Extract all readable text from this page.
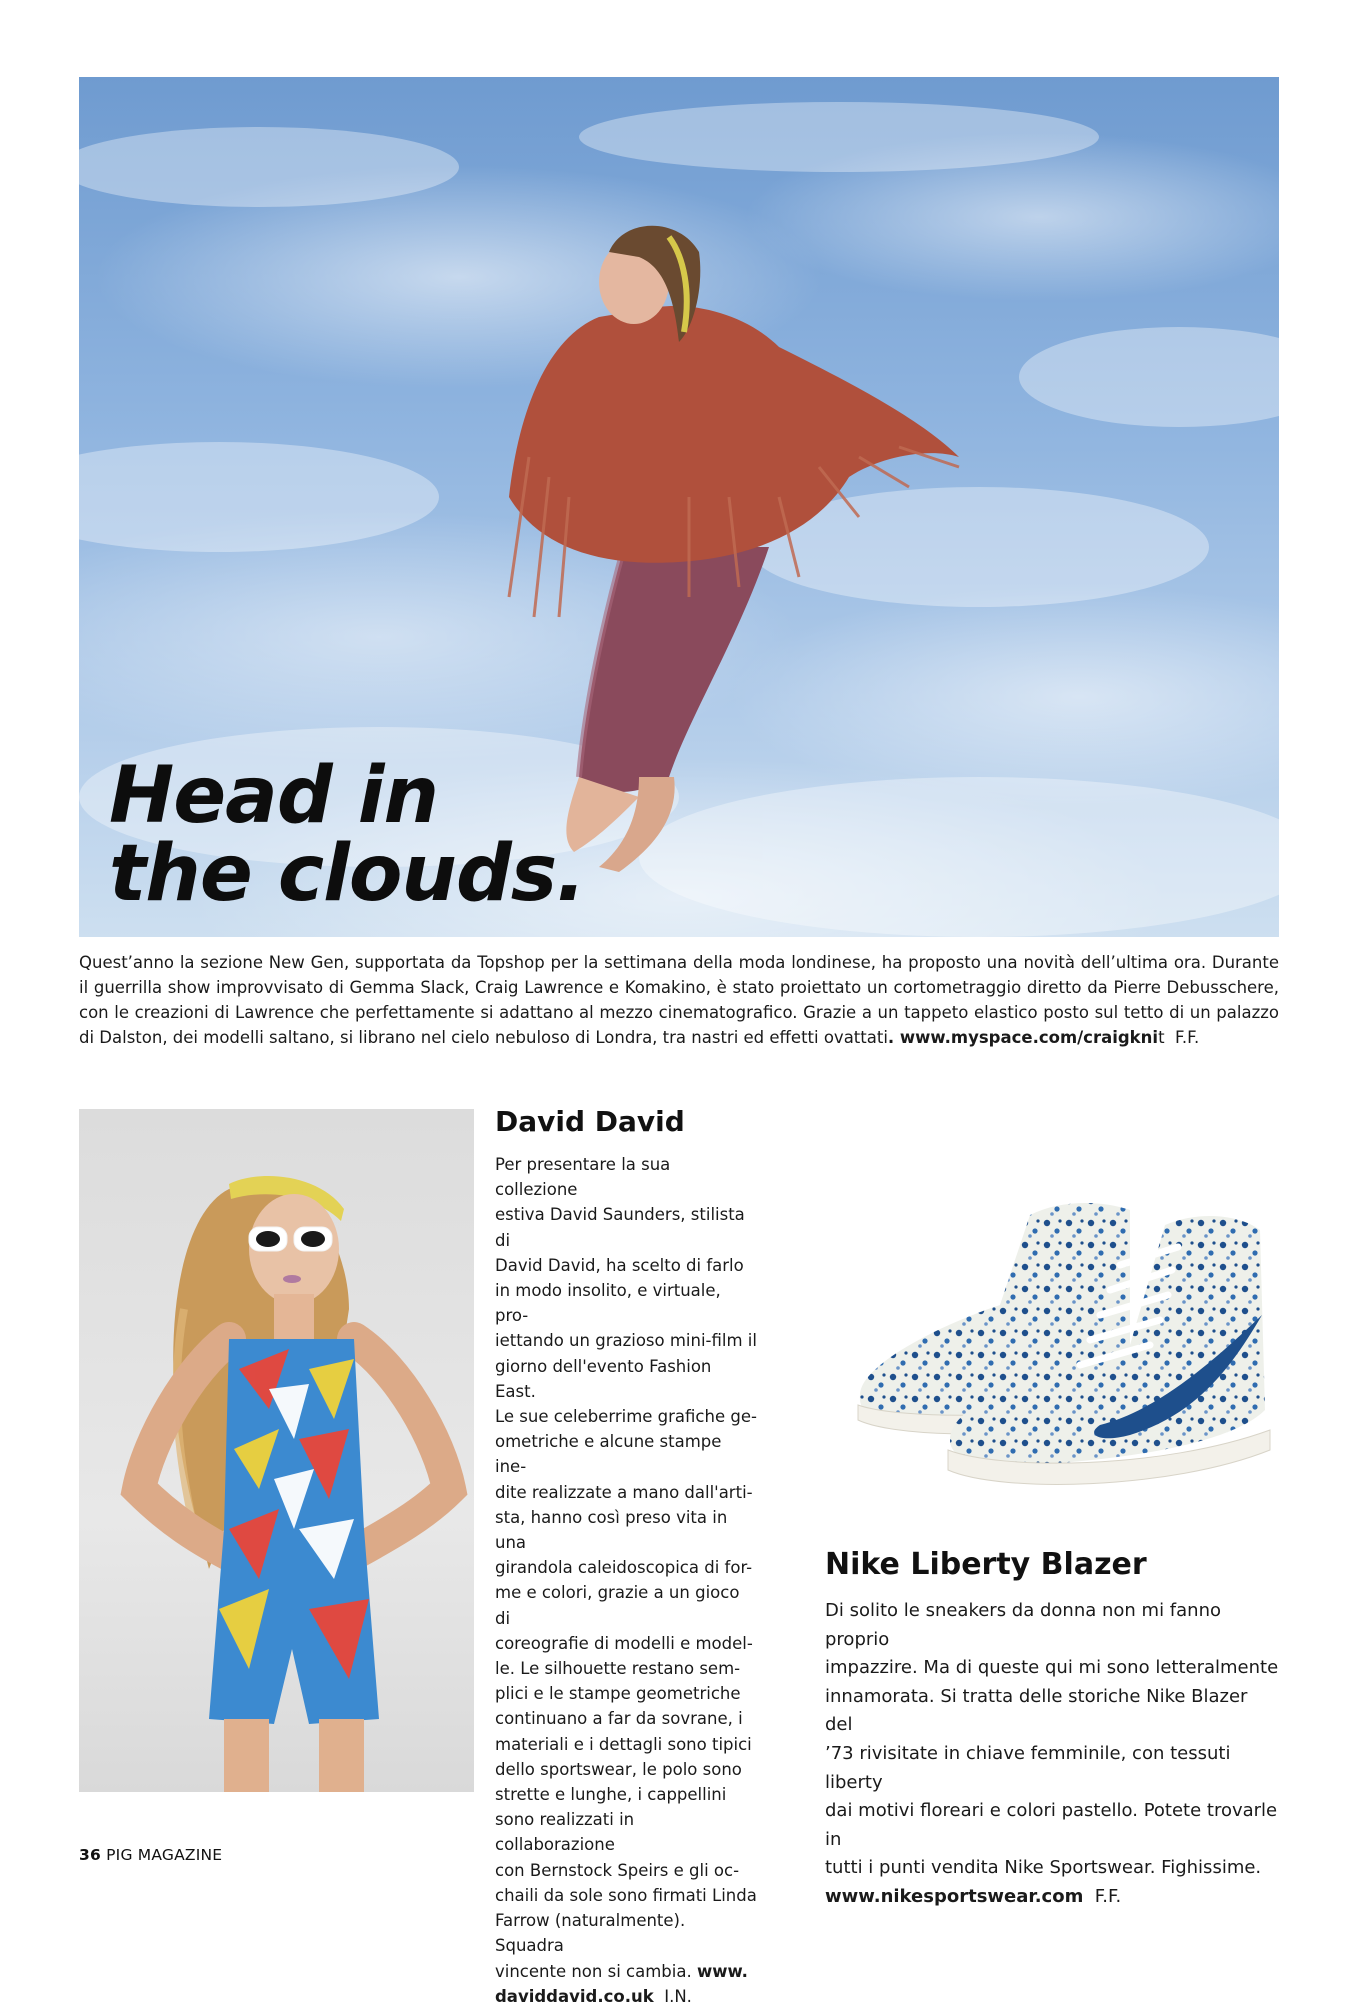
Head in
the clouds.
Quest’anno la sezione New Gen, supportata da Topshop per la settimana della moda londinese, ha proposto una novità dell’ultima ora. Durante il guerrilla show improvvisato di Gemma Slack, Craig Lawrence e Komakino, è stato proiettato un cortometraggio diretto da Pierre Debusschere, con le creazioni di Lawrence che perfettamente si adattano al mezzo cinematografico. Grazie a un tappeto elastico posto sul tetto di un palazzo di Dalston, dei modelli saltano, si librano nel cielo nebuloso di Londra, tra nastri ed effetti ovattati. www.myspace.com/craigknit F.F.
David David
Per presentare la sua collezione
estiva David Saunders, stilista di
David David, ha scelto di farlo
in modo insolito, e virtuale, pro-
iettando un grazioso mini-film il
giorno dell'evento Fashion East.
Le sue celeberrime grafiche ge-
ometriche e alcune stampe ine-
dite realizzate a mano dall'arti-
sta, hanno così preso vita in una
girandola caleidoscopica di for-
me e colori, grazie a un gioco di
coreografie di modelli e model-
le. Le silhouette restano sem-
plici e le stampe geometriche
continuano a far da sovrane, i
materiali e i dettagli sono tipici
dello sportswear, le polo sono
strette e lunghe, i cappellini
sono realizzati in collaborazione
con Bernstock Speirs e gli oc-
chaili da sole sono firmati Linda
Farrow (naturalmente). Squadra
vincente non si cambia. www.
daviddavid.co.uk I.N.
Nike Liberty Blazer
Di solito le sneakers da donna non mi fanno proprio
impazzire. Ma di queste qui mi sono letteralmente
innamorata. Si tratta delle storiche Nike Blazer del
’73 rivisitate in chiave femminile, con tessuti liberty
dai motivi floreari e colori pastello. Potete trovarle in
tutti i punti vendita Nike Sportswear. Fighissime.
www.nikesportswear.com F.F.
36 PIG MAGAZINE
